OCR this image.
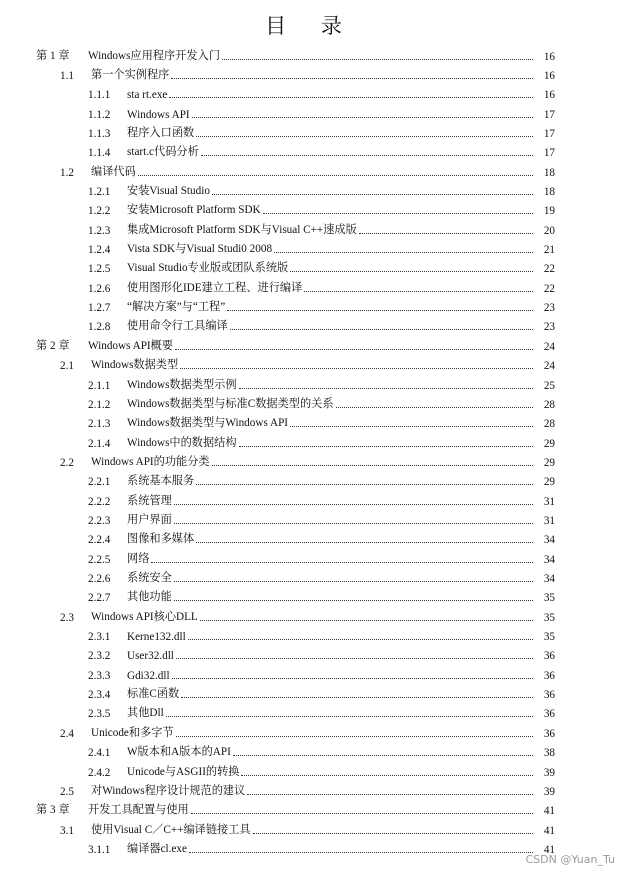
目 录
第 1 章	Windows应用程序开发入门	16
1.1	第一个实例程序	16
1.1.1	sta rt.exe	16
1.1.2	Windows API	17
1.1.3	程序入口函数	17
1.1.4	start.c代码分析	17
1.2	编译代码	18
1.2.1	安装Visual Studio	18
1.2.2	安装Microsoft Platform SDK	19
1.2.3	集成Microsoft Platform SDK与Visual C++速成版	20
1.2.4	Vista SDK与Visual Studi0 2008	21
1.2.5	Visual Studio专业版或团队系统版	22
1.2.6	使用图形化IDE建立工程、进行编译	22
1.2.7	“解决方案”与“工程”	23
1.2.8	使用命令行工具编译	23
第 2 章	Windows API概要	24
2.1	Windows数据类型	24
2.1.1	Windows数据类型示例	25
2.1.2	Windows数据类型与标准C数据类型的关系	28
2.1.3	Windows数据类型与Windows API	28
2.1.4	Windows中的数据结构	29
2.2	Windows API的功能分类	29
2.2.1	系统基本服务	29
2.2.2	系统管理	31
2.2.3	用户界面	31
2.2.4	图像和多媒体	34
2.2.5	网络	34
2.2.6	系统安全	34
2.2.7	其他功能	35
2.3	Windows API核心DLL	35
2.3.1	Kerne132.dll	35
2.3.2	User32.dll	36
2.3.3	Gdi32.dll	36
2.3.4	标准C函数	36
2.3.5	其他Dll	36
2.4	Unicode和多字节	36
2.4.1	W版本和A版本的API	38
2.4.2	Unicode与ASGII的转换	39
2.5	对Windows程序设计规范的建议	39
第 3 章	开发工具配置与使用	41
3.1	使用Visual C／C++编译链接工具	41
3.1.1	编译器cl.exe	41
CSDN @Yuan_Tu
